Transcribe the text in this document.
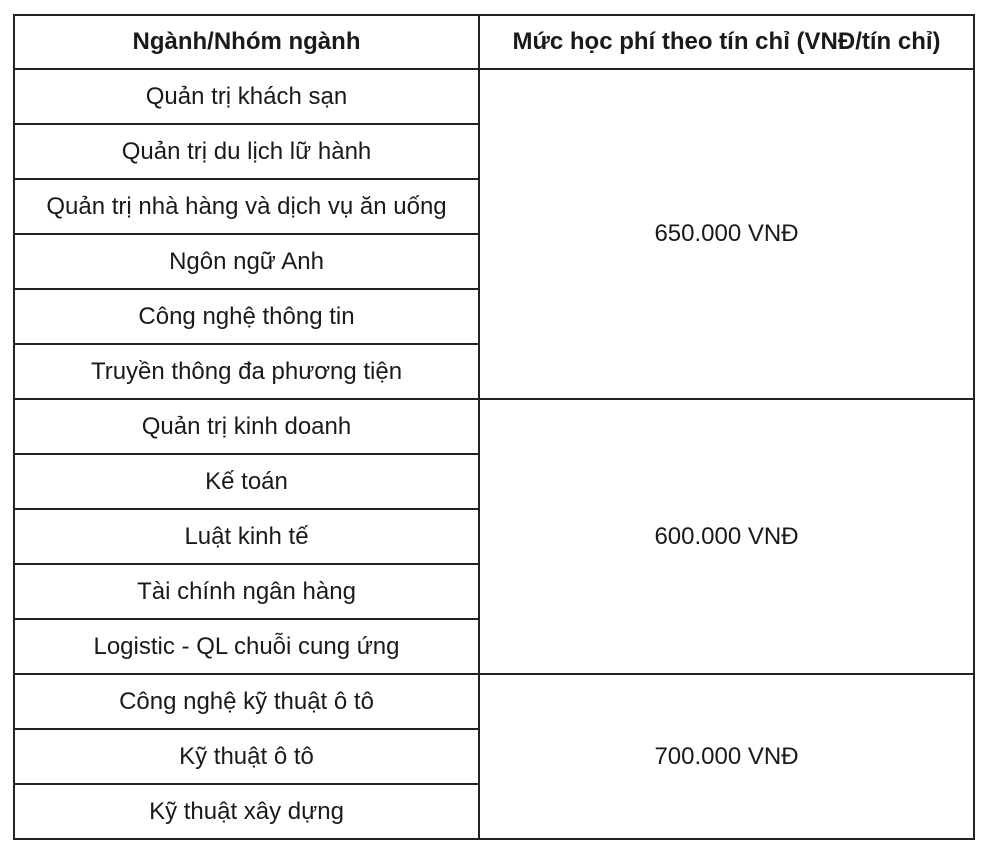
Ngành/Nhóm ngành	Mức học phí theo tín chỉ (VNĐ/tín chỉ)
Quản trị khách sạn	650.000 VNĐ
Quản trị du lịch lữ hành	
Quản trị nhà hàng và dịch vụ ăn uống	
Ngôn ngữ Anh	
Công nghệ thông tin	
Truyền thông đa phương tiện	
Quản trị kinh doanh	600.000 VNĐ
Kế toán	
Luật kinh tế	
Tài chính ngân hàng	
Logistic - QL chuỗi cung ứng	
Công nghệ kỹ thuật ô tô	700.000 VNĐ
Kỹ thuật ô tô	
Kỹ thuật xây dựng	
